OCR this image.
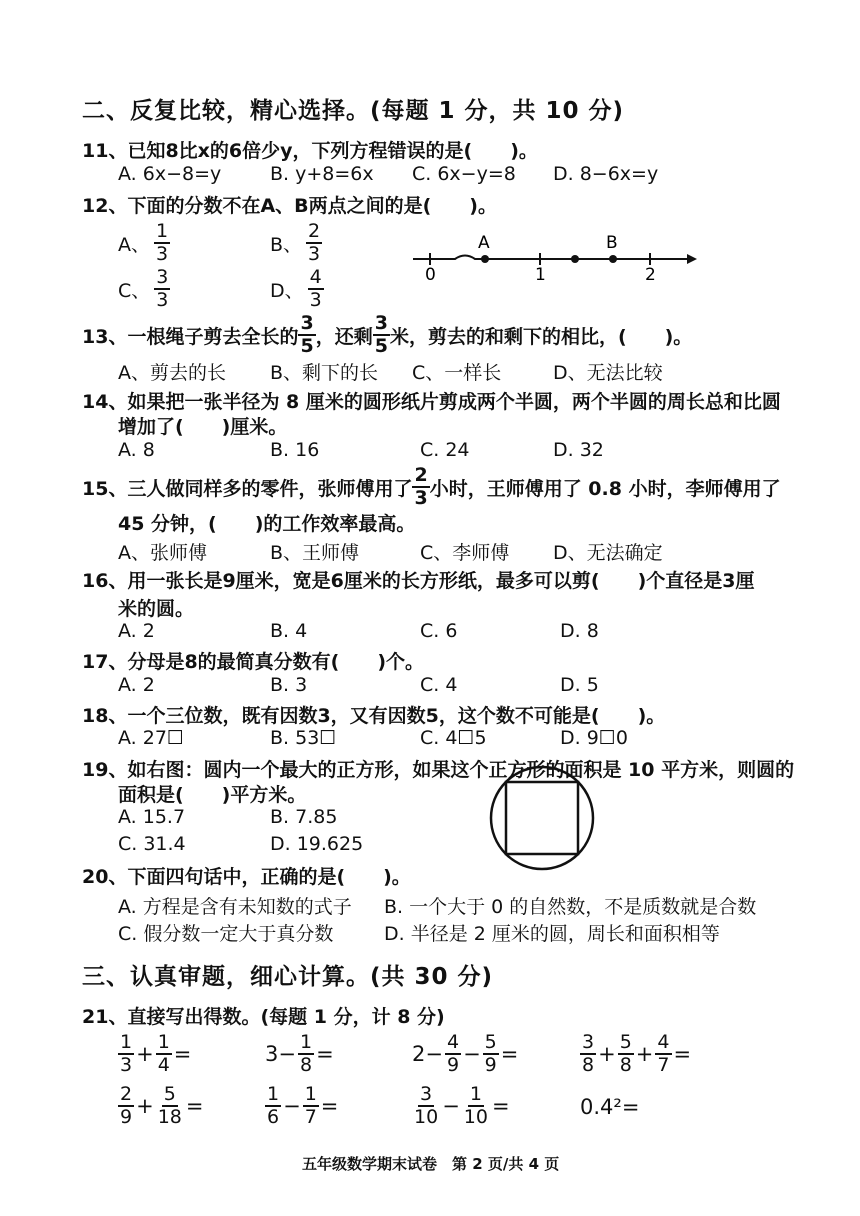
二、反复比较，精心选择。(每题 1 分，共 10 分)
11、已知8比x的6倍少y，下列方程错误的是(　　)。
A. 6x−8=y	B. y+8=6x C. 6x−y=8 D. 8−6x=y
12、下面的分数不在A、B两点之间的是(　　)。
A、 $\frac{1}{3}$	B、 $\frac{2}{3}$
C、 $\frac{3}{3}$	D、 $\frac{4}{3}$	0	1	2
A	B
13、一根绳子剪去全长的 $\frac{3}{5}$ ，还剩 $\frac{3}{5}$ 米，剪去的和剩下的相比，(　　)。
A、剪去的长 B、剩下的长 C、一样长	D、无法比较
14、如果把一张半径为 8 厘米的圆形纸片剪成两个半圆，两个半圆的周长总和比圆
增加了(　　)厘米。
A. 8	B. 16	C. 24	D. 32
15、三人做同样多的零件，张师傅用了 $\frac{2}{3}$ 小时，王师傅用了 0.8 小时，李师傅用了
45 分钟，(　　)的工作效率最高。
A、张师傅	B、王师傅	C、李师傅 D、无法确定
16、用一张长是9厘米，宽是6厘米的长方形纸，最多可以剪(　　)个直径是3厘
米的圆。
A. 2	B. 4	C. 6	D. 8
17、分母是8的最简真分数有(　　)个。
A. 2	B. 3	C. 4	D. 5
18、一个三位数，既有因数3，又有因数5，这个数不可能是(　　)。
A. 27☐	B. 53☐	C. 4☐5	D. 9☐0
19、如右图：圆内一个最大的正方形，如果这个正方形的面积是 10 平方米，则圆的
面积是(　　)平方米。
A. 15.7	B. 7.85
C. 31.4	D. 19.625
20、下面四句话中，正确的是(　　)。
A. 方程是含有未知数的式子 B. 一个大于 0 的自然数，不是质数就是合数
C. 假分数一定大于真分数	D. 半径是 2 厘米的圆，周长和面积相等
三、认真审题，细心计算。(共 30 分)
21、直接写出得数。(每题 1 分，计 8 分)
$\frac{1}{3} + \frac{1}{4}$ =	$3- \frac{1}{8}$ =	$2- \frac{4}{9} - \frac{5}{9}$ =	$\frac{3}{8} + \frac{5}{8} + \frac{4}{7}$ =
$\frac{2}{9} + \frac{5}{18}$ =	$\frac{1}{6} - \frac{1}{7}$ =	$\frac{3}{10} - \frac{1}{10}$ =	0.4²=
五年级数学期末试卷　第 2 页/共 4 页
